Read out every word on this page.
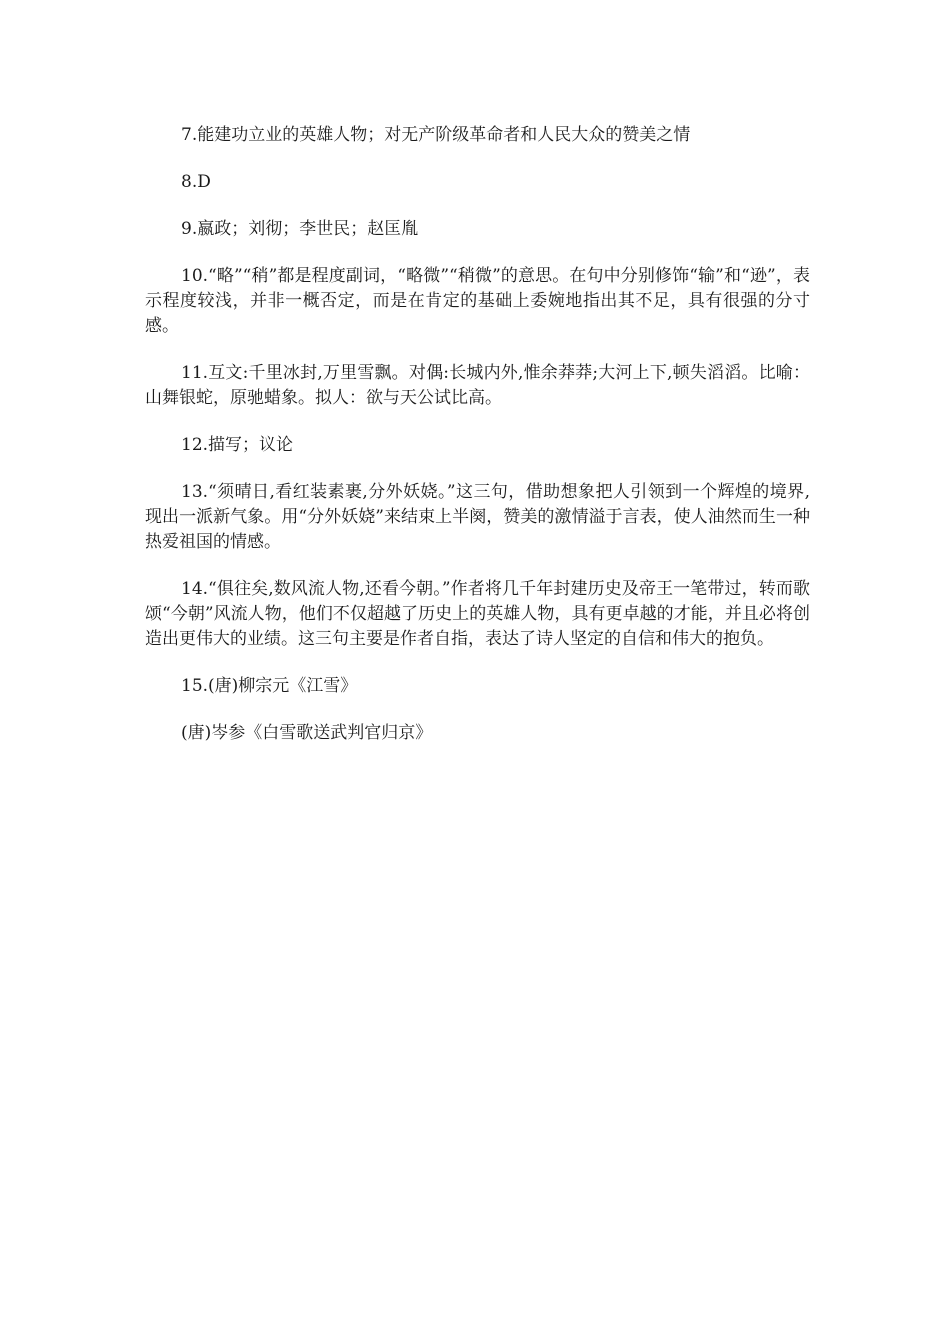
7.能建功立业的英雄人物；对无产阶级革命者和人民大众的赞美之情

8.D

9.嬴政；刘彻；李世民；赵匡胤

10.“略”“稍”都是程度副词，“略微”“稍微”的意思。在句中分别修饰“输”和“逊”，表示程度较浅，并非一概否定，而是在肯定的基础上委婉地指出其不足，具有很强的分寸感。

11.互文:千里冰封,万里雪飘。对偶:长城内外,惟余莽莽;大河上下,顿失滔滔。比喻：山舞银蛇，原驰蜡象。拟人：欲与天公试比高。

12.描写；议论

13.“须晴日,看红装素裹,分外妖娆。”这三句，借助想象把人引领到一个辉煌的境界,现出一派新气象。用“分外妖娆”来结束上半阕，赞美的激情溢于言表，使人油然而生一种热爱祖国的情感。

14.“俱往矣,数风流人物,还看今朝。”作者将几千年封建历史及帝王一笔带过，转而歌颂“今朝”风流人物，他们不仅超越了历史上的英雄人物，具有更卓越的才能，并且必将创造出更伟大的业绩。这三句主要是作者自指，表达了诗人坚定的自信和伟大的抱负。

15.(唐)柳宗元《江雪》

(唐)岑参《白雪歌送武判官归京》
